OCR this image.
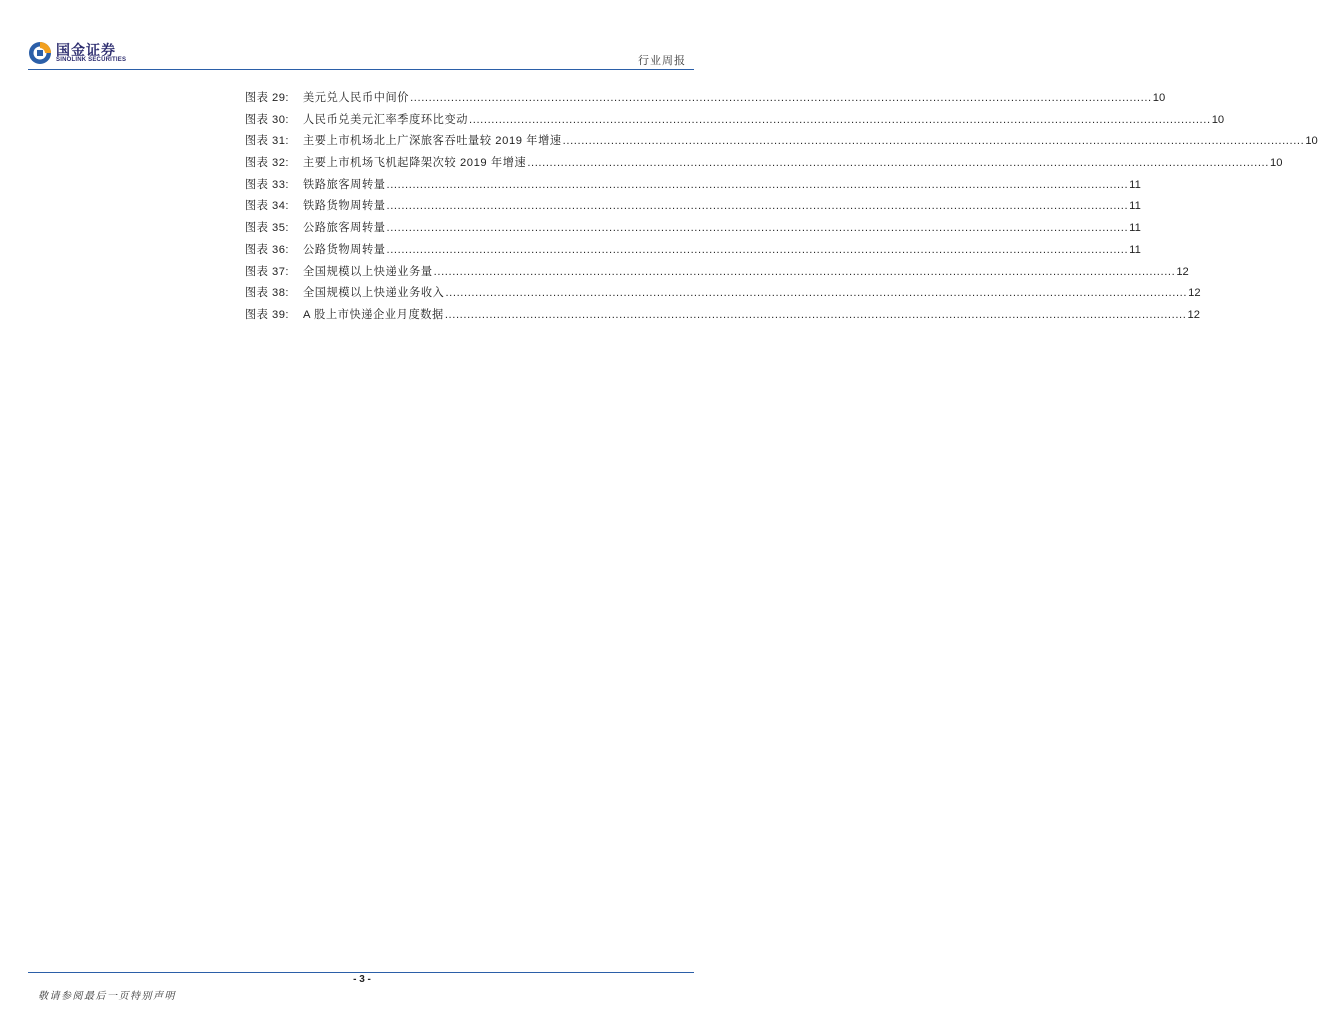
国金证券
SINOLINK SECURITIES	行业周报
图表 29:	美元兑人民币中间价 ........................................................................................................................................................................................................ 10
图表 30:	人民币兑美元汇率季度环比变动 ........................................................................................................................................................................................................ 10
图表 31:	主要上市机场北上广深旅客吞吐量较 2019 年增速 ........................................................................................................................................................................................................ 10
图表 32:	主要上市机场飞机起降架次较 2019 年增速 ........................................................................................................................................................................................................ 10
图表 33:	铁路旅客周转量 ........................................................................................................................................................................................................ 11
图表 34:	铁路货物周转量 ........................................................................................................................................................................................................ 11
图表 35:	公路旅客周转量 ........................................................................................................................................................................................................ 11
图表 36:	公路货物周转量 ........................................................................................................................................................................................................ 11
图表 37:	全国规模以上快递业务量 ........................................................................................................................................................................................................ 12
图表 38:	全国规模以上快递业务收入 ........................................................................................................................................................................................................ 12
图表 39:	A 股上市快递企业月度数据 ........................................................................................................................................................................................................ 12
- 3 -
敬请参阅最后一页特别声明
